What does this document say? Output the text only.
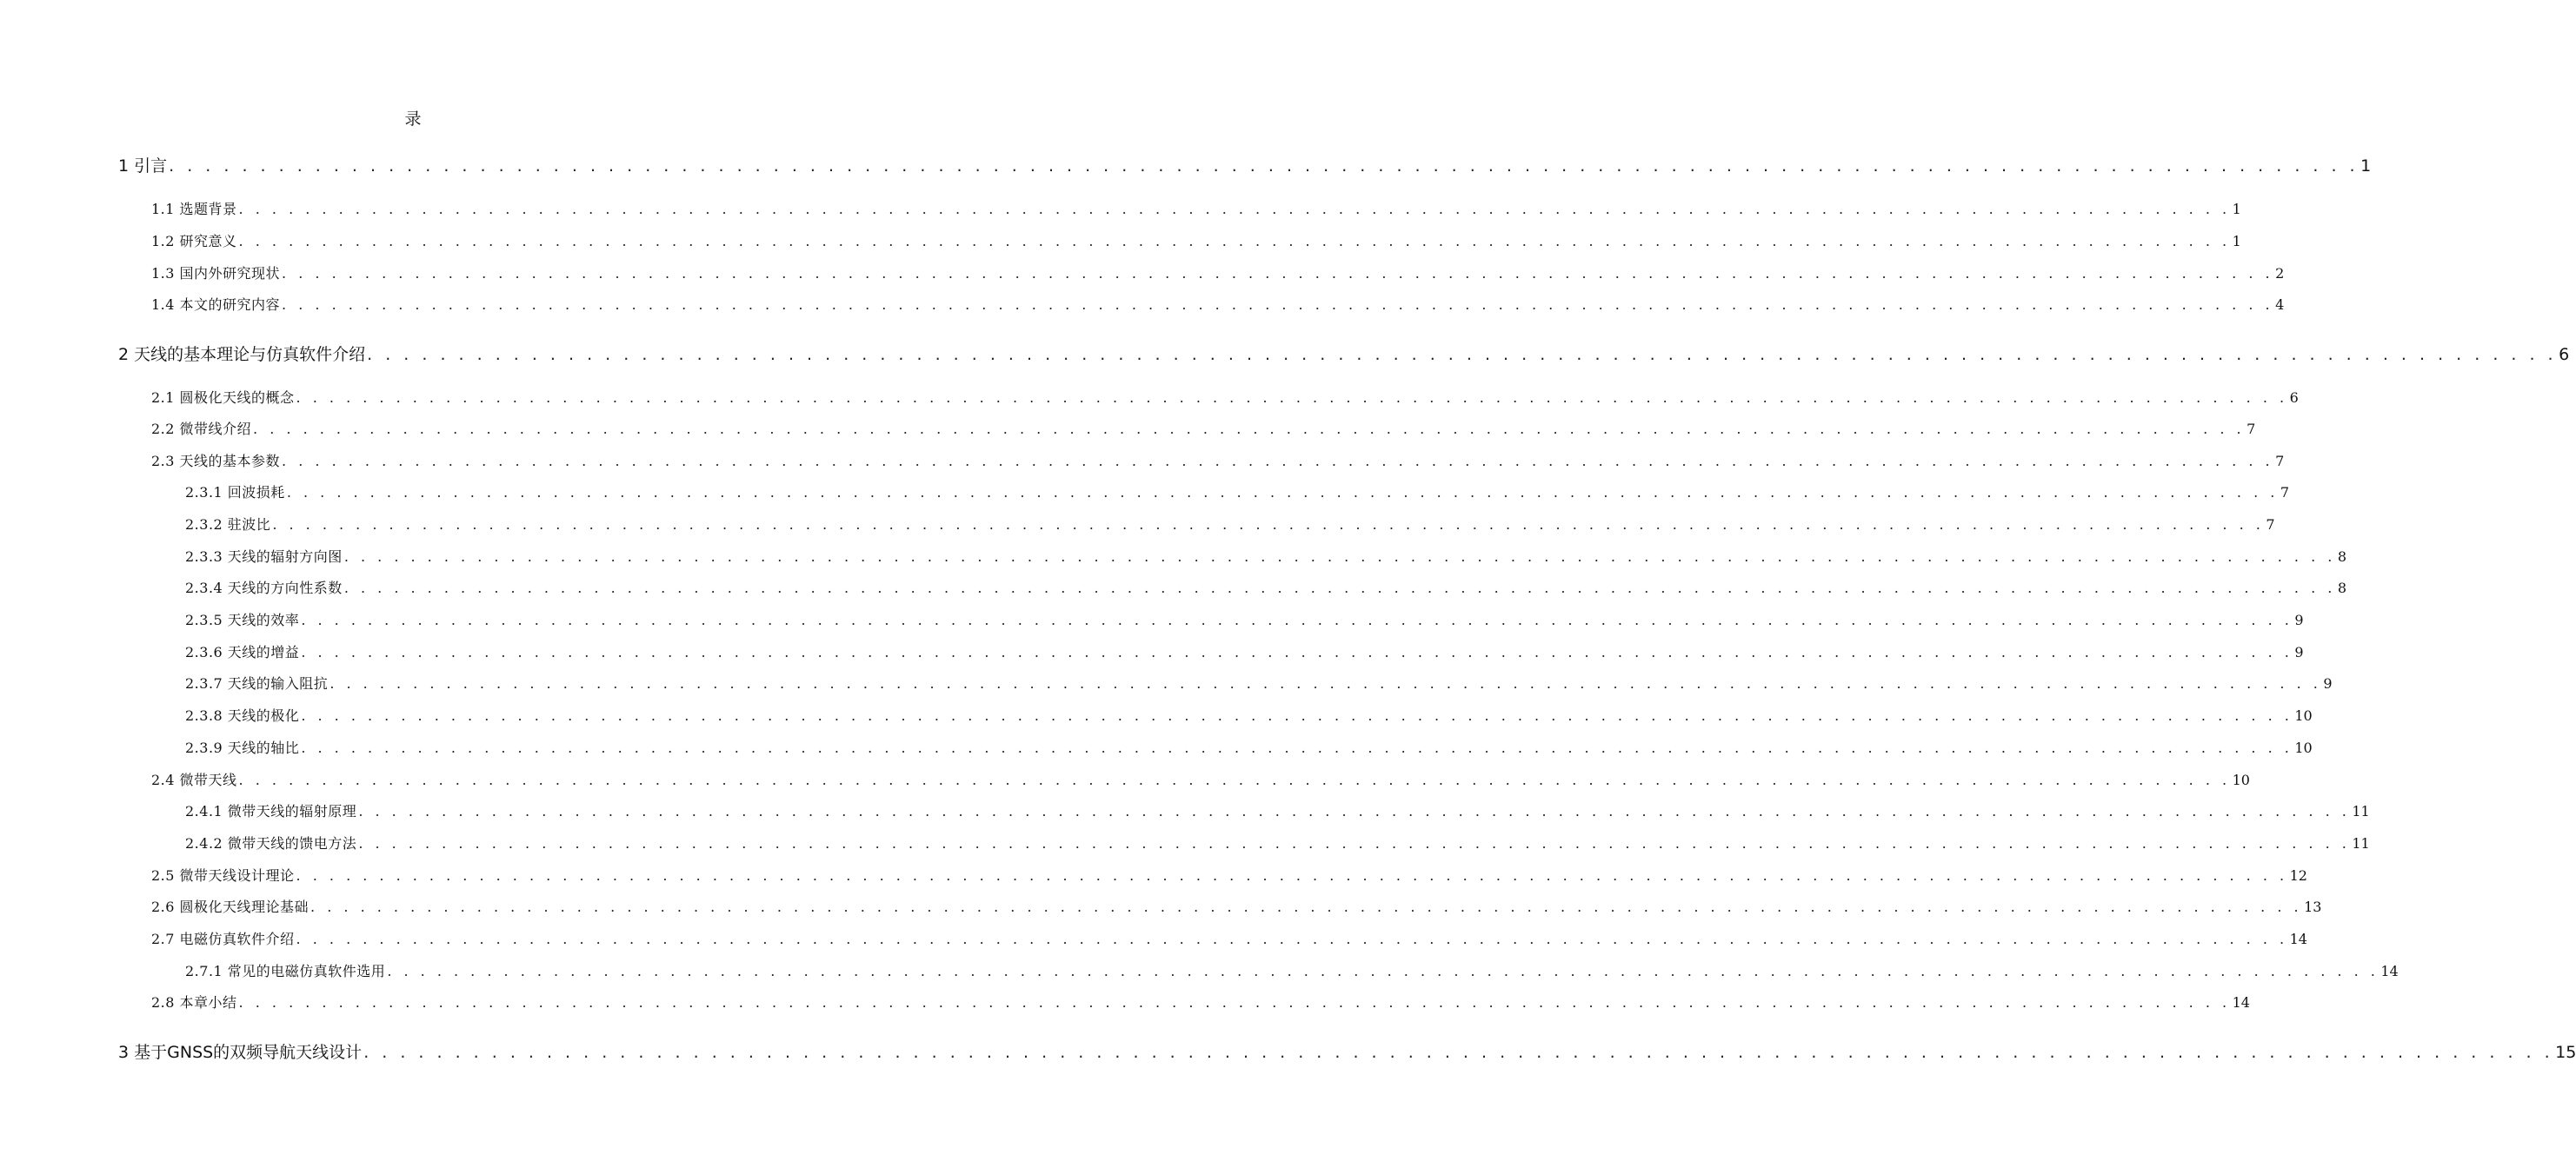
录
1 引言 . . . . . . . . . . . . . . . . . . . . . . . . . . . . . . . . . . . . . . . . . . . . . . . . . . . . . . . . . . . . . . . . . . . . . . . . . . . . . . . . . . . . . . . . . . . . . . . . . . . . . . . . . . . . . . . . . . . . . . . . 1
1.1 选题背景 . . . . . . . . . . . . . . . . . . . . . . . . . . . . . . . . . . . . . . . . . . . . . . . . . . . . . . . . . . . . . . . . . . . . . . . . . . . . . . . . . . . . . . . . . . . . . . . . . . . . . . . . . . . . . . . . . . . . . . . . 1
1.2 研究意义 . . . . . . . . . . . . . . . . . . . . . . . . . . . . . . . . . . . . . . . . . . . . . . . . . . . . . . . . . . . . . . . . . . . . . . . . . . . . . . . . . . . . . . . . . . . . . . . . . . . . . . . . . . . . . . . . . . . . . . . . 1
1.3 国内外研究现状 . . . . . . . . . . . . . . . . . . . . . . . . . . . . . . . . . . . . . . . . . . . . . . . . . . . . . . . . . . . . . . . . . . . . . . . . . . . . . . . . . . . . . . . . . . . . . . . . . . . . . . . . . . . . . . . . . . . . . . . . 2
1.4 本文的研究内容 . . . . . . . . . . . . . . . . . . . . . . . . . . . . . . . . . . . . . . . . . . . . . . . . . . . . . . . . . . . . . . . . . . . . . . . . . . . . . . . . . . . . . . . . . . . . . . . . . . . . . . . . . . . . . . . . . . . . . . . . 4
2 天线的基本理论与仿真软件介绍 . . . . . . . . . . . . . . . . . . . . . . . . . . . . . . . . . . . . . . . . . . . . . . . . . . . . . . . . . . . . . . . . . . . . . . . . . . . . . . . . . . . . . . . . . . . . . . . . . . . . . . . . . . . . . . . . . . . . . . . . 6
2.1 圆极化天线的概念 . . . . . . . . . . . . . . . . . . . . . . . . . . . . . . . . . . . . . . . . . . . . . . . . . . . . . . . . . . . . . . . . . . . . . . . . . . . . . . . . . . . . . . . . . . . . . . . . . . . . . . . . . . . . . . . . . . . . . . . . 6
2.2 微带线介绍 . . . . . . . . . . . . . . . . . . . . . . . . . . . . . . . . . . . . . . . . . . . . . . . . . . . . . . . . . . . . . . . . . . . . . . . . . . . . . . . . . . . . . . . . . . . . . . . . . . . . . . . . . . . . . . . . . . . . . . . . 7
2.3 天线的基本参数 . . . . . . . . . . . . . . . . . . . . . . . . . . . . . . . . . . . . . . . . . . . . . . . . . . . . . . . . . . . . . . . . . . . . . . . . . . . . . . . . . . . . . . . . . . . . . . . . . . . . . . . . . . . . . . . . . . . . . . . . 7
2.3.1 回波损耗 . . . . . . . . . . . . . . . . . . . . . . . . . . . . . . . . . . . . . . . . . . . . . . . . . . . . . . . . . . . . . . . . . . . . . . . . . . . . . . . . . . . . . . . . . . . . . . . . . . . . . . . . . . . . . . . . . . . . . . . . 7
2.3.2 驻波比 . . . . . . . . . . . . . . . . . . . . . . . . . . . . . . . . . . . . . . . . . . . . . . . . . . . . . . . . . . . . . . . . . . . . . . . . . . . . . . . . . . . . . . . . . . . . . . . . . . . . . . . . . . . . . . . . . . . . . . . . 7
2.3.3 天线的辐射方向图 . . . . . . . . . . . . . . . . . . . . . . . . . . . . . . . . . . . . . . . . . . . . . . . . . . . . . . . . . . . . . . . . . . . . . . . . . . . . . . . . . . . . . . . . . . . . . . . . . . . . . . . . . . . . . . . . . . . . . . . . 8
2.3.4 天线的方向性系数 . . . . . . . . . . . . . . . . . . . . . . . . . . . . . . . . . . . . . . . . . . . . . . . . . . . . . . . . . . . . . . . . . . . . . . . . . . . . . . . . . . . . . . . . . . . . . . . . . . . . . . . . . . . . . . . . . . . . . . . . 8
2.3.5 天线的效率 . . . . . . . . . . . . . . . . . . . . . . . . . . . . . . . . . . . . . . . . . . . . . . . . . . . . . . . . . . . . . . . . . . . . . . . . . . . . . . . . . . . . . . . . . . . . . . . . . . . . . . . . . . . . . . . . . . . . . . . . 9
2.3.6 天线的增益 . . . . . . . . . . . . . . . . . . . . . . . . . . . . . . . . . . . . . . . . . . . . . . . . . . . . . . . . . . . . . . . . . . . . . . . . . . . . . . . . . . . . . . . . . . . . . . . . . . . . . . . . . . . . . . . . . . . . . . . . 9
2.3.7 天线的输入阻抗 . . . . . . . . . . . . . . . . . . . . . . . . . . . . . . . . . . . . . . . . . . . . . . . . . . . . . . . . . . . . . . . . . . . . . . . . . . . . . . . . . . . . . . . . . . . . . . . . . . . . . . . . . . . . . . . . . . . . . . . . 9
2.3.8 天线的极化 . . . . . . . . . . . . . . . . . . . . . . . . . . . . . . . . . . . . . . . . . . . . . . . . . . . . . . . . . . . . . . . . . . . . . . . . . . . . . . . . . . . . . . . . . . . . . . . . . . . . . . . . . . . . . . . . . . . . . . . . 10
2.3.9 天线的轴比 . . . . . . . . . . . . . . . . . . . . . . . . . . . . . . . . . . . . . . . . . . . . . . . . . . . . . . . . . . . . . . . . . . . . . . . . . . . . . . . . . . . . . . . . . . . . . . . . . . . . . . . . . . . . . . . . . . . . . . . . 10
2.4 微带天线 . . . . . . . . . . . . . . . . . . . . . . . . . . . . . . . . . . . . . . . . . . . . . . . . . . . . . . . . . . . . . . . . . . . . . . . . . . . . . . . . . . . . . . . . . . . . . . . . . . . . . . . . . . . . . . . . . . . . . . . . 10
2.4.1 微带天线的辐射原理 . . . . . . . . . . . . . . . . . . . . . . . . . . . . . . . . . . . . . . . . . . . . . . . . . . . . . . . . . . . . . . . . . . . . . . . . . . . . . . . . . . . . . . . . . . . . . . . . . . . . . . . . . . . . . . . . . . . . . . . . 11
2.4.2 微带天线的馈电方法 . . . . . . . . . . . . . . . . . . . . . . . . . . . . . . . . . . . . . . . . . . . . . . . . . . . . . . . . . . . . . . . . . . . . . . . . . . . . . . . . . . . . . . . . . . . . . . . . . . . . . . . . . . . . . . . . . . . . . . . . 11
2.5 微带天线设计理论 . . . . . . . . . . . . . . . . . . . . . . . . . . . . . . . . . . . . . . . . . . . . . . . . . . . . . . . . . . . . . . . . . . . . . . . . . . . . . . . . . . . . . . . . . . . . . . . . . . . . . . . . . . . . . . . . . . . . . . . . 12
2.6 圆极化天线理论基础 . . . . . . . . . . . . . . . . . . . . . . . . . . . . . . . . . . . . . . . . . . . . . . . . . . . . . . . . . . . . . . . . . . . . . . . . . . . . . . . . . . . . . . . . . . . . . . . . . . . . . . . . . . . . . . . . . . . . . . . . 13
2.7 电磁仿真软件介绍 . . . . . . . . . . . . . . . . . . . . . . . . . . . . . . . . . . . . . . . . . . . . . . . . . . . . . . . . . . . . . . . . . . . . . . . . . . . . . . . . . . . . . . . . . . . . . . . . . . . . . . . . . . . . . . . . . . . . . . . . 14
2.7.1 常见的电磁仿真软件选用 . . . . . . . . . . . . . . . . . . . . . . . . . . . . . . . . . . . . . . . . . . . . . . . . . . . . . . . . . . . . . . . . . . . . . . . . . . . . . . . . . . . . . . . . . . . . . . . . . . . . . . . . . . . . . . . . . . . . . . . . 14
2.8 本章小结 . . . . . . . . . . . . . . . . . . . . . . . . . . . . . . . . . . . . . . . . . . . . . . . . . . . . . . . . . . . . . . . . . . . . . . . . . . . . . . . . . . . . . . . . . . . . . . . . . . . . . . . . . . . . . . . . . . . . . . . . 14
3 基于GNSS的双频导航天线设计 . . . . . . . . . . . . . . . . . . . . . . . . . . . . . . . . . . . . . . . . . . . . . . . . . . . . . . . . . . . . . . . . . . . . . . . . . . . . . . . . . . . . . . . . . . . . . . . . . . . . . . . . . . . . . . . . . . . . . . . . 15
